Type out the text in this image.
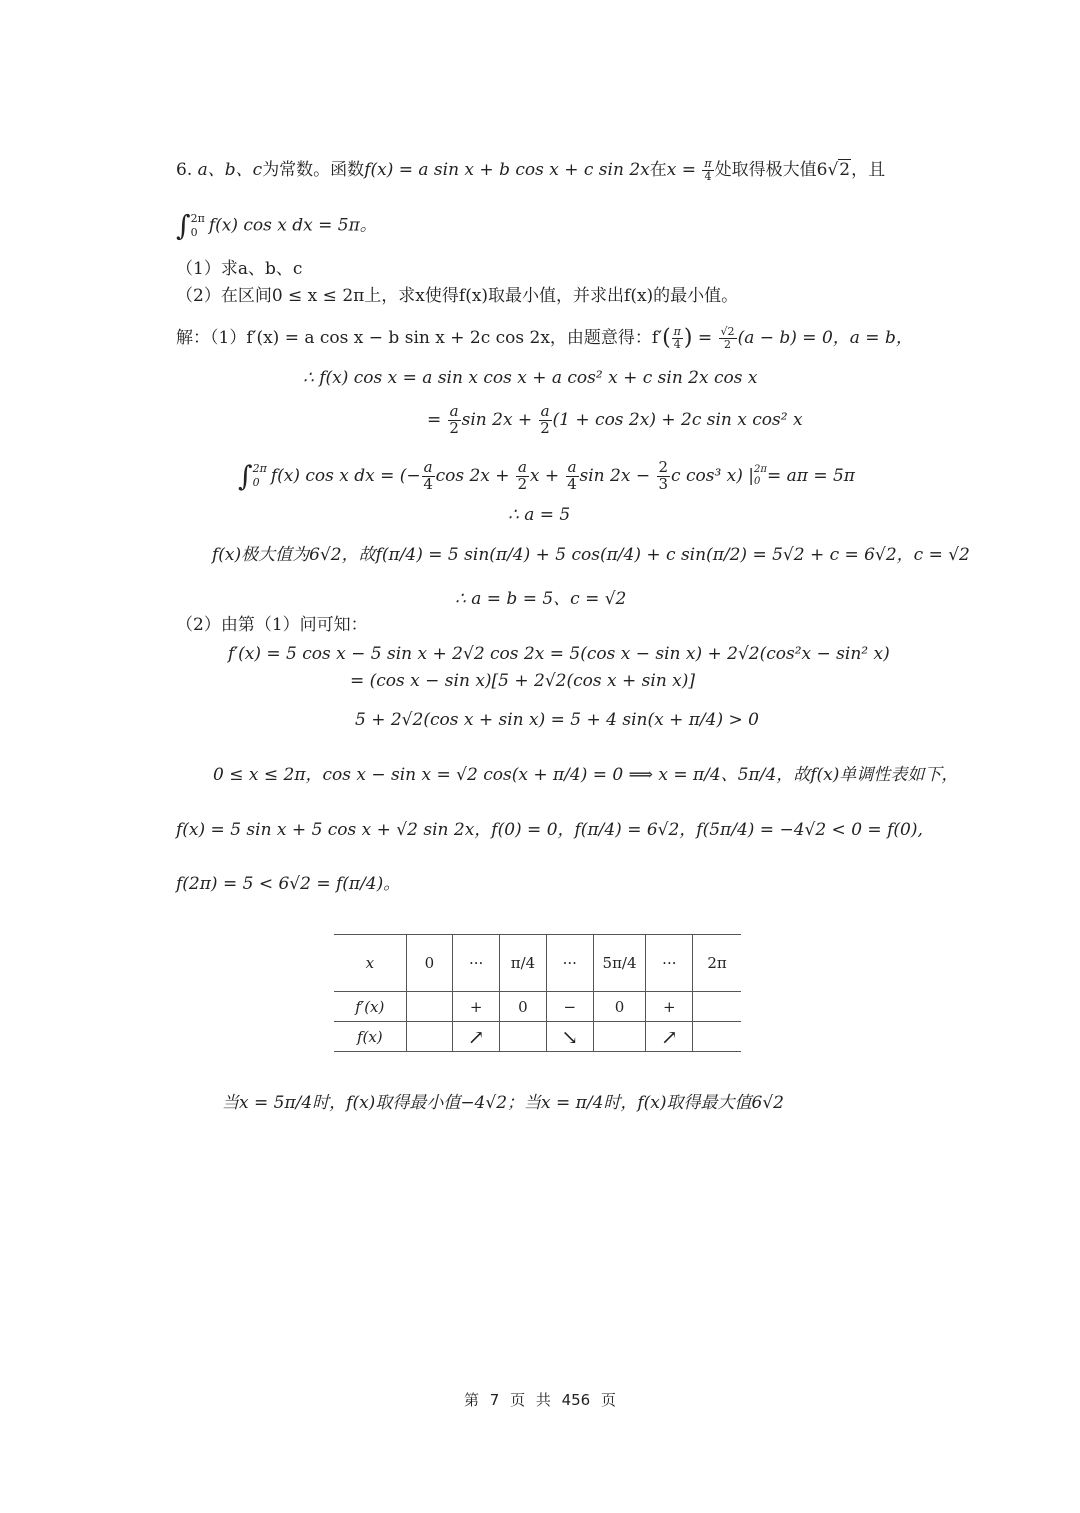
6. a、b、c为常数。函数f(x) = a sin x + b cos x + c sin 2x在$x = \frac{\pi}{4}$ 处取得极大值6√2，且
∫ 2π
0 f(x) cos x dx = 5π。
（1）求a、b、c
（2）在区间0 ≤ x ≤ 2π上，求x使得f(x)取最小值，并求出f(x)的最小值。
解：（1）f′(x) = a cos x − b sin x + 2c cos 2x，由题意得：$f'( \frac{\pi}{4}$ ) = $\frac{√2}{2} (a - b) = 0$，a = b，
∴ f(x) cos x = a sin x cos x + a cos² x + c sin 2x cos x
= $\frac{a}{2}$ $\sin 2x + \frac{a}{2} (1 + \cos 2x) + 2c$ sin x cos² x
∫ 2π
0 f(x) cos x dx = (− $\frac{a}{4}$ $\cos 2x + \frac{a}{2}$ $x + \frac{a}{4}$ $\sin 2x - \frac{2}{3}$ c cos³ x) | 2π
0 = aπ = 5π
∴ a = 5
f(x)极大值为6√2，故f(π/4) = 5 sin(π/4) + 5 cos(π/4) + c sin(π/2) = 5√2 + c = 6√2，c = √2
∴ a = b = 5、c = √2
（2）由第（1）问可知：
f′(x) = 5 cos x − 5 sin x + 2√2 cos 2x = 5(cos x − sin x) + 2√2(cos²x − sin² x)
= (cos x − sin x)[5 + 2√2(cos x + sin x)]
5 + 2√2(cos x + sin x) = 5 + 4 sin(x + π/4) > 0
0 ≤ x ≤ 2π，cos x − sin x = √2 cos(x + π/4) = 0 ⟹ x = π/4、5π/4，故f(x)单调性表如下，
f(x) = 5 sin x + 5 cos x + √2 sin 2x，f(0) = 0，f(π/4) = 6√2，f(5π/4) = −4√2 < 0 = f(0),
f(2π) = 5 < 6√2 = f(π/4)。
x	0	···	π/4	···	5π/4	···	2π
f′(x)		+	0	−	0	+	
f(x)		↗		↘		↗	
当x = 5π/4时，f(x)取得最小值−4√2；当x = π/4时，f(x)取得最大值6√2
第 7 页 共 456 页
